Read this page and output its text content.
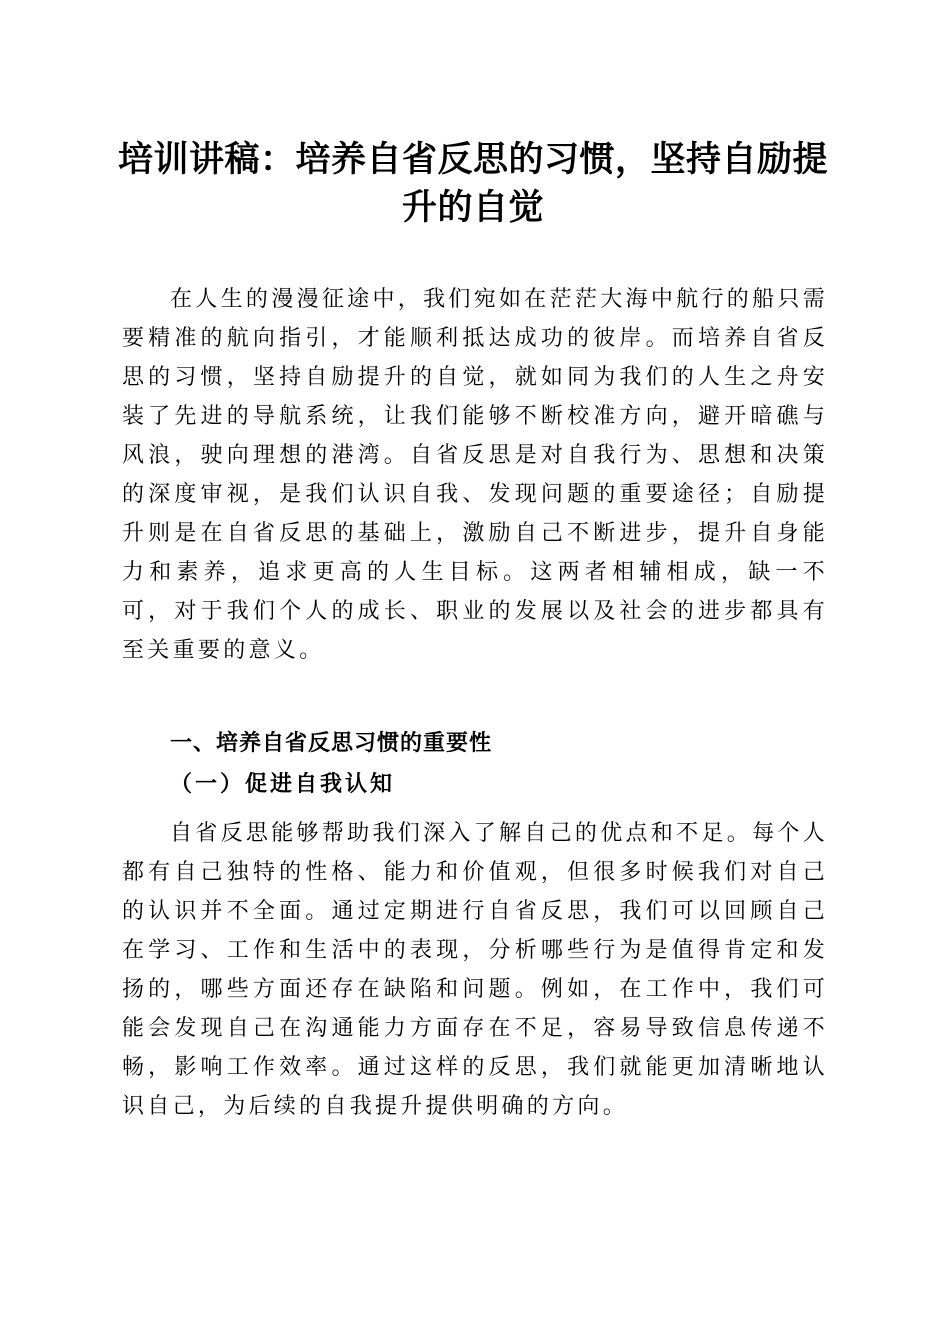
培训讲稿：培养自省反思的习惯，坚持自励提升的自觉

在人生的漫漫征途中，我们宛如在茫茫大海中航行的船只需要精准的航向指引，才能顺利抵达成功的彼岸。而培养自省反思的习惯，坚持自励提升的自觉，就如同为我们的人生之舟安装了先进的导航系统，让我们能够不断校准方向，避开暗礁与风浪，驶向理想的港湾。自省反思是对自我行为、思想和决策的深度审视，是我们认识自我、发现问题的重要途径；自励提升则是在自省反思的基础上，激励自己不断进步，提升自身能力和素养，追求更高的人生目标。这两者相辅相成，缺一不可，对于我们个人的成长、职业的发展以及社会的进步都具有至关重要的意义。

一、培养自省反思习惯的重要性
（一）促进自我认知

自省反思能够帮助我们深入了解自己的优点和不足。每个人都有自己独特的性格、能力和价值观，但很多时候我们对自己的认识并不全面。通过定期进行自省反思，我们可以回顾自己在学习、工作和生活中的表现，分析哪些行为是值得肯定和发扬的，哪些方面还存在缺陷和问题。例如，在工作中，我们可能会发现自己在沟通能力方面存在不足，容易导致信息传递不畅，影响工作效率。通过这样的反思，我们就能更加清晰地认识自己，为后续的自我提升提供明确的方向。
